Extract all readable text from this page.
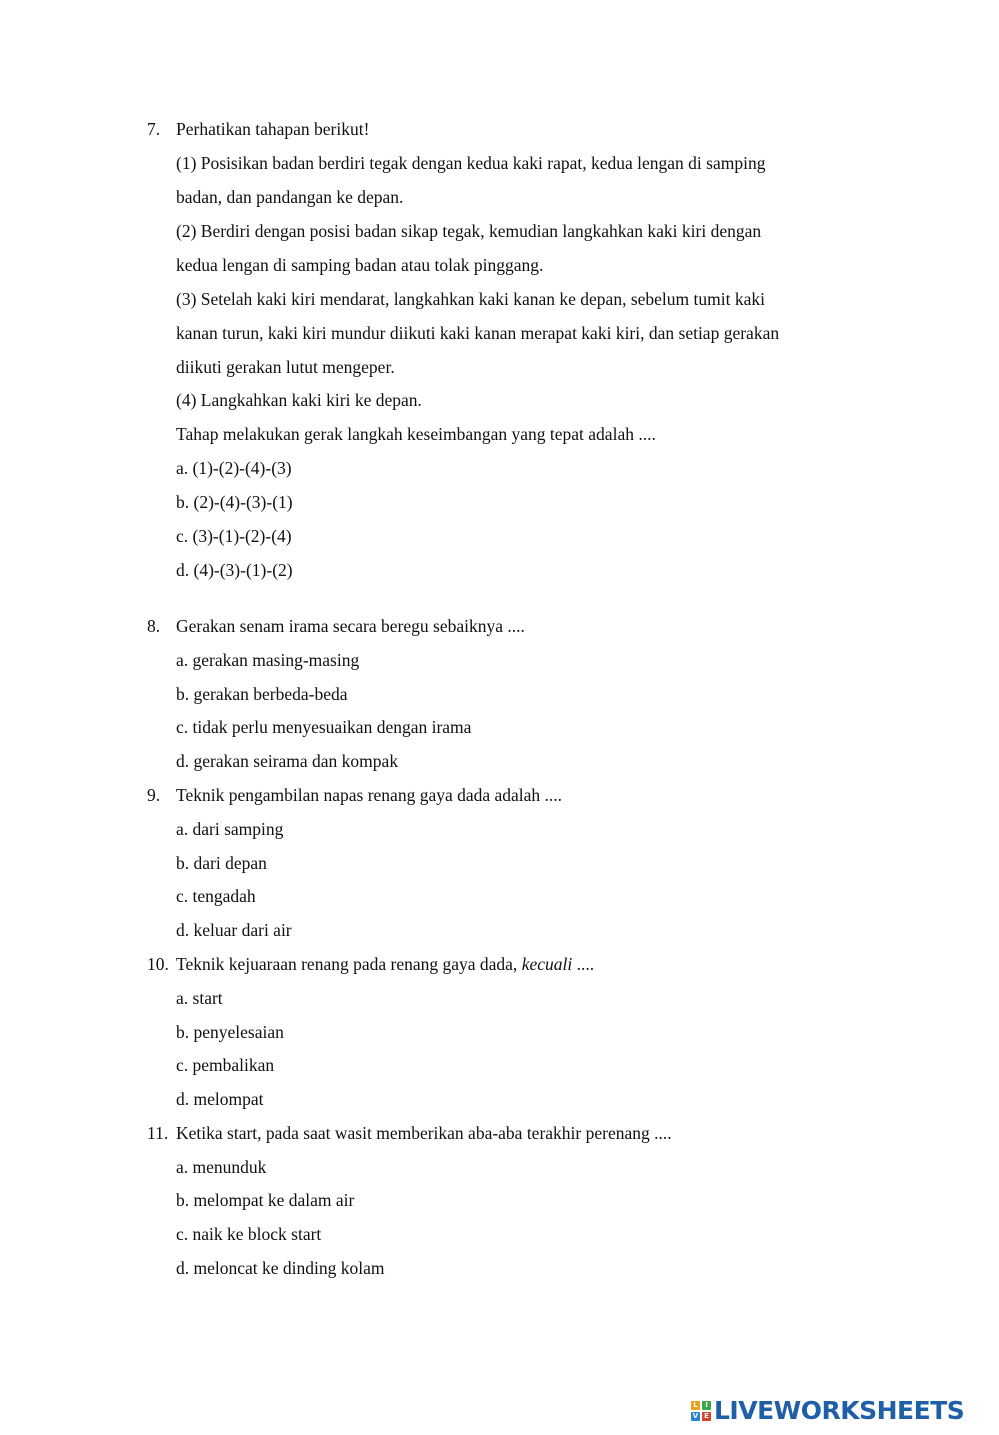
7. Perhatikan tahapan berikut!
(1) Posisikan badan berdiri tegak dengan kedua kaki rapat, kedua lengan di samping
badan, dan pandangan ke depan.
(2) Berdiri dengan posisi badan sikap tegak, kemudian langkahkan kaki kiri dengan
kedua lengan di samping badan atau tolak pinggang.
(3) Setelah kaki kiri mendarat, langkahkan kaki kanan ke depan, sebelum tumit kaki
kanan turun, kaki kiri mundur diikuti kaki kanan merapat kaki kiri, dan setiap gerakan
diikuti gerakan lutut mengeper.
(4) Langkahkan kaki kiri ke depan.
Tahap melakukan gerak langkah keseimbangan yang tepat adalah ....
a. (1)-(2)-(4)-(3)
b. (2)-(4)-(3)-(1)
c. (3)-(1)-(2)-(4)
d. (4)-(3)-(1)-(2)
8. Gerakan senam irama secara beregu sebaiknya ....
a. gerakan masing-masing
b. gerakan berbeda-beda
c. tidak perlu menyesuaikan dengan irama
d. gerakan seirama dan kompak
9. Teknik pengambilan napas renang gaya dada adalah ....
a. dari samping
b. dari depan
c. tengadah
d. keluar dari air
10. Teknik kejuaraan renang pada renang gaya dada, kecuali ....
a. start
b. penyelesaian
c. pembalikan
d. melompat
11. Ketika start, pada saat wasit memberikan aba-aba terakhir perenang ....
a. menunduk
b. melompat ke dalam air
c. naik ke block start
d. meloncat ke dinding kolam
L	I
V E LIVEWORKSHEETS
